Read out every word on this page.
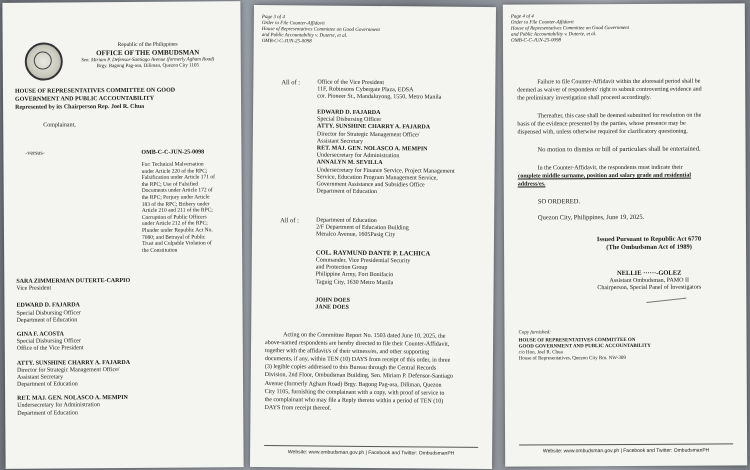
Republic of the Philippines
OFFICE OF THE OMBUDSMAN
Sen. Miriam P. Defensor-Santiago Avenue (formerly Agham Road)
Brgy. Bagong Pag-asa, Diliman, Quezon City 1105
HOUSE OF REPRESENTATIVES COMMITTEE ON GOOD
GOVERNMENT AND PUBLIC ACCOUNTABILITY
Represented by its Chairperson Rep. Joel R. Chua
Complainant,
-versus-	OMB-C-C-JUN-25-0098
For: Technical Malversation
under Article 220 of the RPC;
Falsification under Article 171 of
the RPC; Use of Falsified
Documents under Article 172 of
the RPC; Perjury under Article
183 of the RPC; Bribery under
Article 210 and 211 of the RPC;
Corruption of Public Officers
under Article 212 of the RPC;
Plunder under Republic Act No.
7080; and Betrayal of Public
Trust and Culpable Violation of
the Constitution
SARA ZIMMERMAN DUTERTE-CARPIO
Vice President
EDWARD D. FAJARDA
Special Disbursing Officer
Department of Education
GINA F. ACOSTA
Special Disbursing Officer
Office of the Vice President
ATTY. SUNSHINE CHARRY A. FAJARDA
Director for Strategic Management Office/
Assistant Secretary
Department of Education
RET. MAJ. GEN. NOLASCO A. MEMPIN
Undersecretary for Administration
Department of Education
Page 3 of 4
Order to File Counter-Affidavit
House of Representatives Committee on Good Government
and Public Accountability v. Duterte, et al.
OMB-C-C-JUN-25-0098
All of :	Office of the Vice President
11F, Robinsons Cybergate Plaza, EDSA
cor. Pioneer St., Mandaluyong, 1550, Metro Manila
EDWARD D. FAJARDA
Special Disbursing Officer
ATTY. SUNSHINE CHARRY A. FAJARDA
Director for Strategic Management Office/
Assistant Secretary
RET. MAJ. GEN. NOLASCO A. MEMPIN
Undersecretary for Administration
ANNALYN M. SEVILLA
Undersecretary for Finance Service, Project Management
Service, Education Program Management Service,
Government Assistance and Subsidies Office
Department of Education
All of :	Department of Education
2/F Department of Education Building
Meralco Avenue, 1605Pasig City
COL. RAYMUND DANTE P. LACHICA
Commander, Vice Presidential Security
and Protection Group
Philippine Army, Fort Bonifacio
Taguig City, 1630 Metro Manila
JOHN DOES
JANE DOES
Acting on the Committee Report No. 1503 dated June 10, 2025, the
above-named respondents are hereby directed to file their Counter-Affidavit,
together with the affidavit/s of their witness/es, and other supporting
documents, if any, within TEN (10) DAYS from receipt of this order, in three
(3) legible copies addressed to this Bureau through the Central Records
Division, 2nd Floor, Ombudsman Building, Sen. Miriam P. Defensor-Santiago
Avenue (formerly Agham Road) Brgy. Bagong Pag-asa, Diliman, Quezon
City 1105, furnishing the complainant with a copy, with proof of service to
the complainant who may file a Reply thereto within a period of TEN (10)
DAYS from receipt thereof.
Website: www.ombudsman.gov.ph | Facebook and Twitter: OmbudsmanPH
Page 4 of 4
Order to File Counter-Affidavit
House of Representatives Committee on Good Government
and Public Accountability v. Duterte, et al.
OMB-C-C-JUN-25-0098
Failure to file Counter-Affidavit within the aforesaid period shall be
deemed as waiver of respondents' right to submit controverting evidence and
the preliminary investigation shall proceed accordingly.
Thereafter, this case shall be deemed submitted for resolution on the
basis of the evidence presented by the parties, whose presence may be
dispensed with, unless otherwise required for clarificatory questioning.
No motion to dismiss or bill of particulars shall be entertained.
In the Counter-Affidavit, the respondents must indicate their
complete middle surname, position and salary grade and residential
address/es.
SO ORDERED.
Quezon City, Philippines, June 19, 2025.
Issued Pursuant to Republic Act 6770
(The Ombudsman Act of 1989)
NELLIE ······-GOLEZ
Assistant Ombudsman, PAMO II
Chairperson, Special Panel of Investigators
Copy furnished:
HOUSE OF REPRESENTATIVES COMMITTEE ON
GOOD GOVERNMENT AND PUBLIC ACCOUNTABILITY
c/o Hon. Joel R. Chua
House of Representatives, Quezon City Rm. NW-309
Website: www.ombudsman.gov.ph | Facebook and Twitter: OmbudsmanPH
